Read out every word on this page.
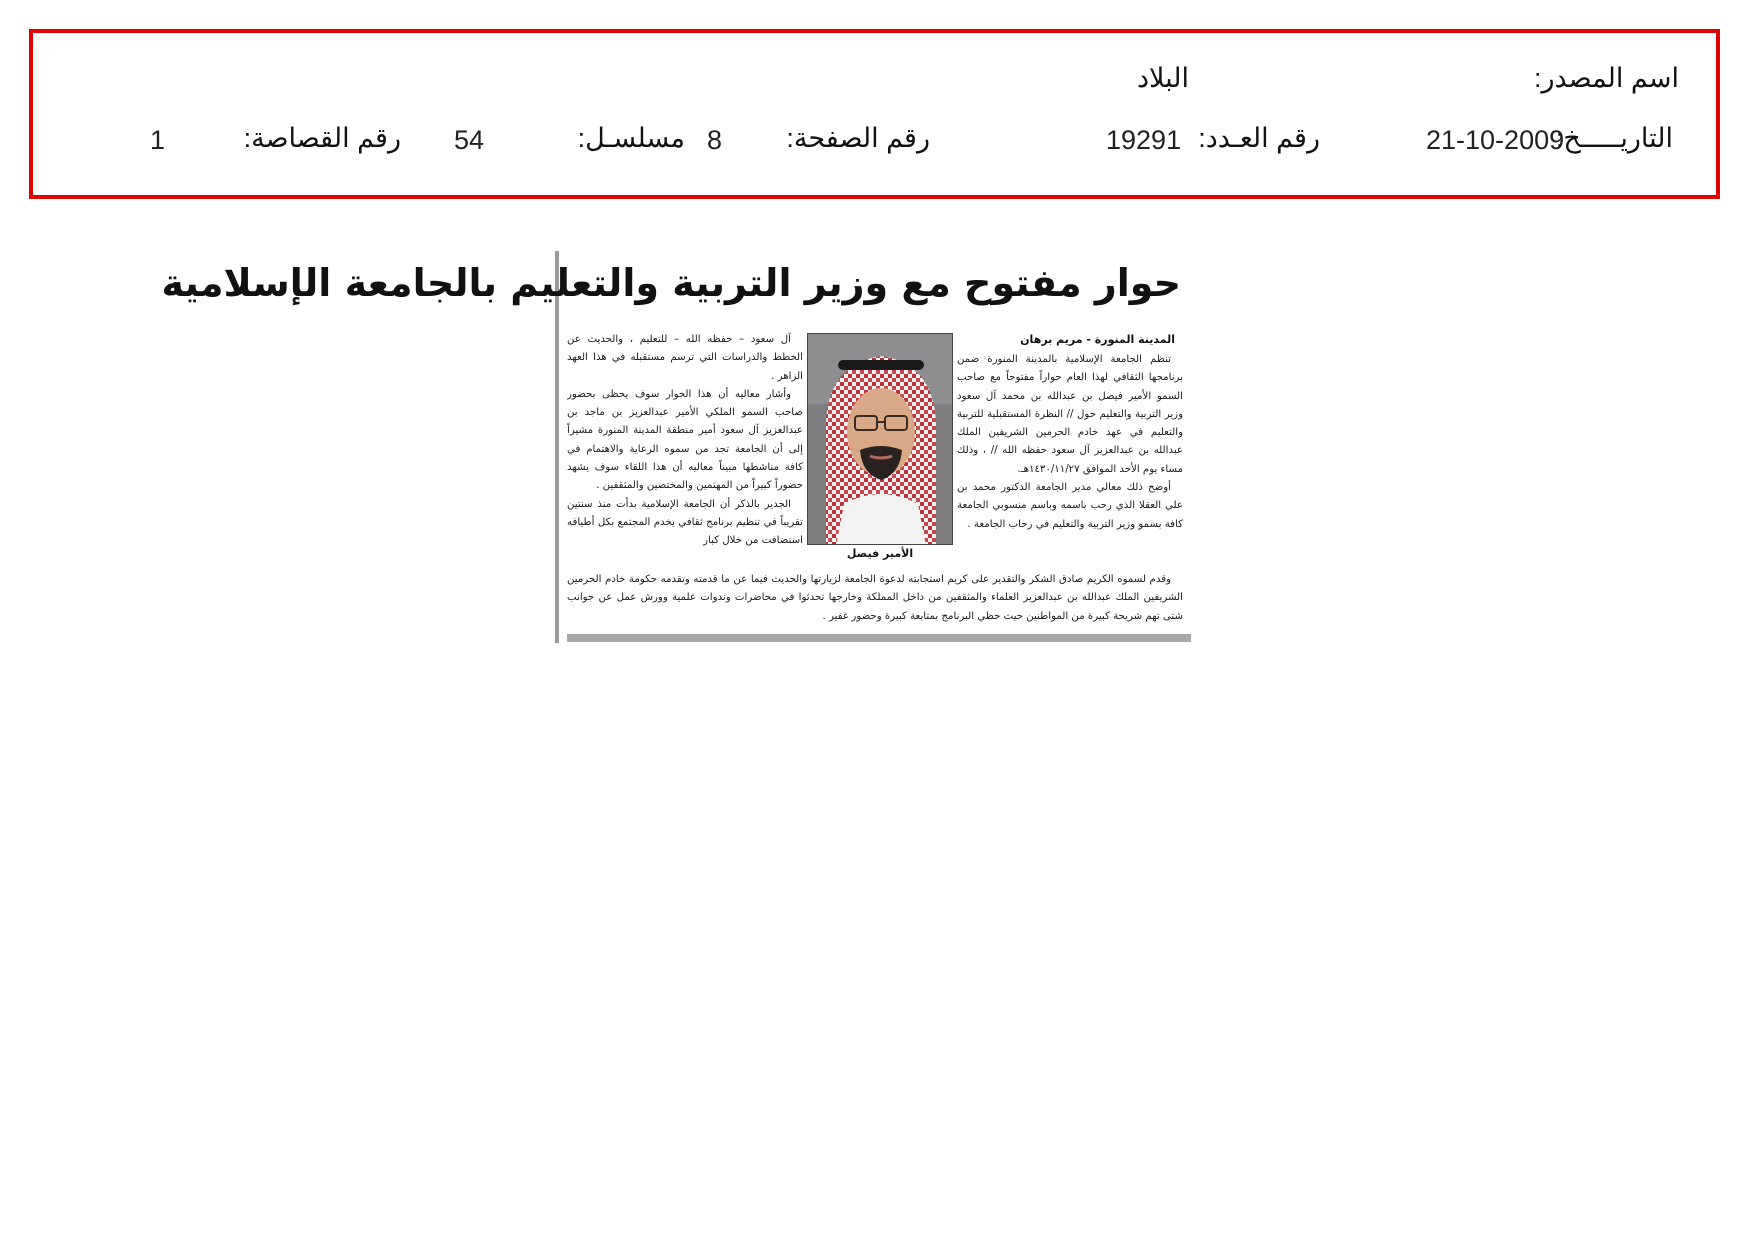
اسم المصدر:
البلاد
التاريـــــخ:
21-10-2009
رقم العـدد:
19291
رقم الصفحة:
8
مسلسـل:
54
رقم القصاصة:
1
حوار مفتوح مع وزير التربية والتعليم بالجامعة الإسلامية
المدينة المنورة - مريم برهان

تنظم الجامعة الإسلامية بالمدينة المنورة ضمن برنامجها الثقافي لهذا العام حواراً مفتوحاً مع صاحب السمو الأمير فيصل بن عبدالله بن محمد آل سعود وزير التربية والتعليم حول // النظرة المستقبلية للتربية والتعليم في عهد خادم الحرمين الشريفين الملك عبدالله بن عبدالعزيز آل سعود حفظه الله // ، وذلك مساء يوم الأحد الموافق ١٤٣٠/١١/٢٧هـ.

أوضح ذلك معالي مدير الجامعة الدكتور محمد بن علي العقلا الذي رحب باسمه وباسم منسوبي الجامعة كافة بسمو وزير التربية والتعليم في رحاب الجامعة .

الأمير فيصل

آل سعود – حفظه الله – للتعليم ، والحديث عن الخطط والدراسات التي ترسم مستقبله في هذا العهد الزاهر .

وأشار معاليه أن هذا الحوار سوف يحظى بحضور صاحب السمو الملكي الأمير عبدالعزيز بن ماجد بن عبدالعزيز آل سعود أمير منطقة المدينة المنورة مشيراً إلى أن الجامعة تجد من سموه الرعاية والاهتمام في كافة مناشطها مبيناً معاليه أن هذا اللقاء سوف يشهد حضوراً كبيراً من المهتمين والمختصين والمثقفين .

الجدير بالذكر أن الجامعة الإسلامية بدأت منذ سنتين تقريباً في تنظيم برنامج ثقافي يخدم المجتمع بكل أطيافه استضافت من خلال كبار

وقدم لسموه الكريم صادق الشكر والتقدير على كريم استجابته لدعوة الجامعة لزيارتها والحديث فيما عن ما قدمته وتقدمه حكومة خادم الحرمين الشريفين الملك عبدالله بن عبدالعزيز العلماء والمثقفين من داخل المملكة وخارجها تحدثوا في محاضرات وندوات علمية وورش عمل عن جوانب شتى تهم شريحة كبيرة من المواطنين حيث حظي البرنامج بمتابعة كبيرة وحضور غفير .
